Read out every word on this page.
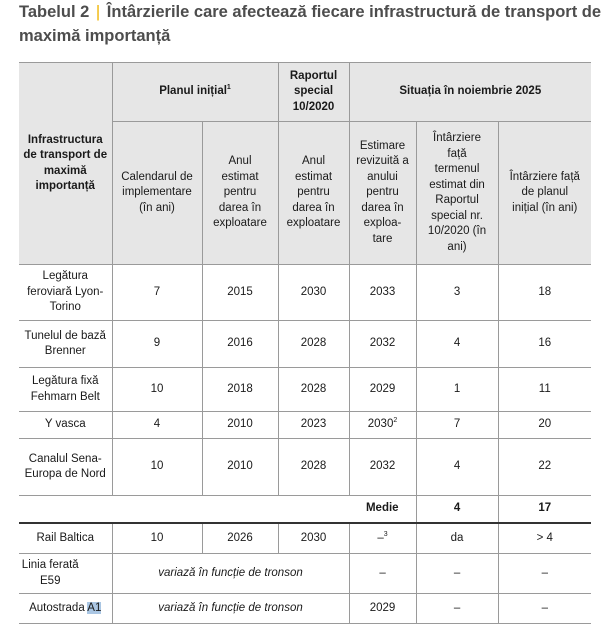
Tabelul 2 | Întârzierile care afectează fiecare infrastructură de transport de
maximă importanță
Infrastructura de transport de maximă importanță	Planul inițial$^1$		Raportul special 10/2020	Situația în noiembrie 2025		
	Calendarul de implementare (în ani)	Anul estimat pentru darea în exploatare	Anul estimat pentru darea în exploatare	Estimare revizuită a anului pentru darea în exploa-tare	Întârziere față termenul estimat din Raportul special nr. 10/2020 (în ani)	Întârziere față de planul inițial (în ani)
Legătura feroviară Lyon-Torino	7	2015	2030	2033	3	18
Tunelul de bază Brenner	9	2016	2028	2032	4	16
Legătura fixă Fehmarn Belt	10	2018	2028	2029	1	11
Y vasca	4	2010	2023	2030$^2$	7	20
Canalul Sena-Europa de Nord	10	2010	2028	2032	4	22
				Medie	4	17
Rail Baltica	10	2026	2030	–$^3$	da	> 4
Linia ferată E59	variază în funcție de tronson			–	–	–
Autostrada A1	variază în funcție de tronson			2029	–	–
